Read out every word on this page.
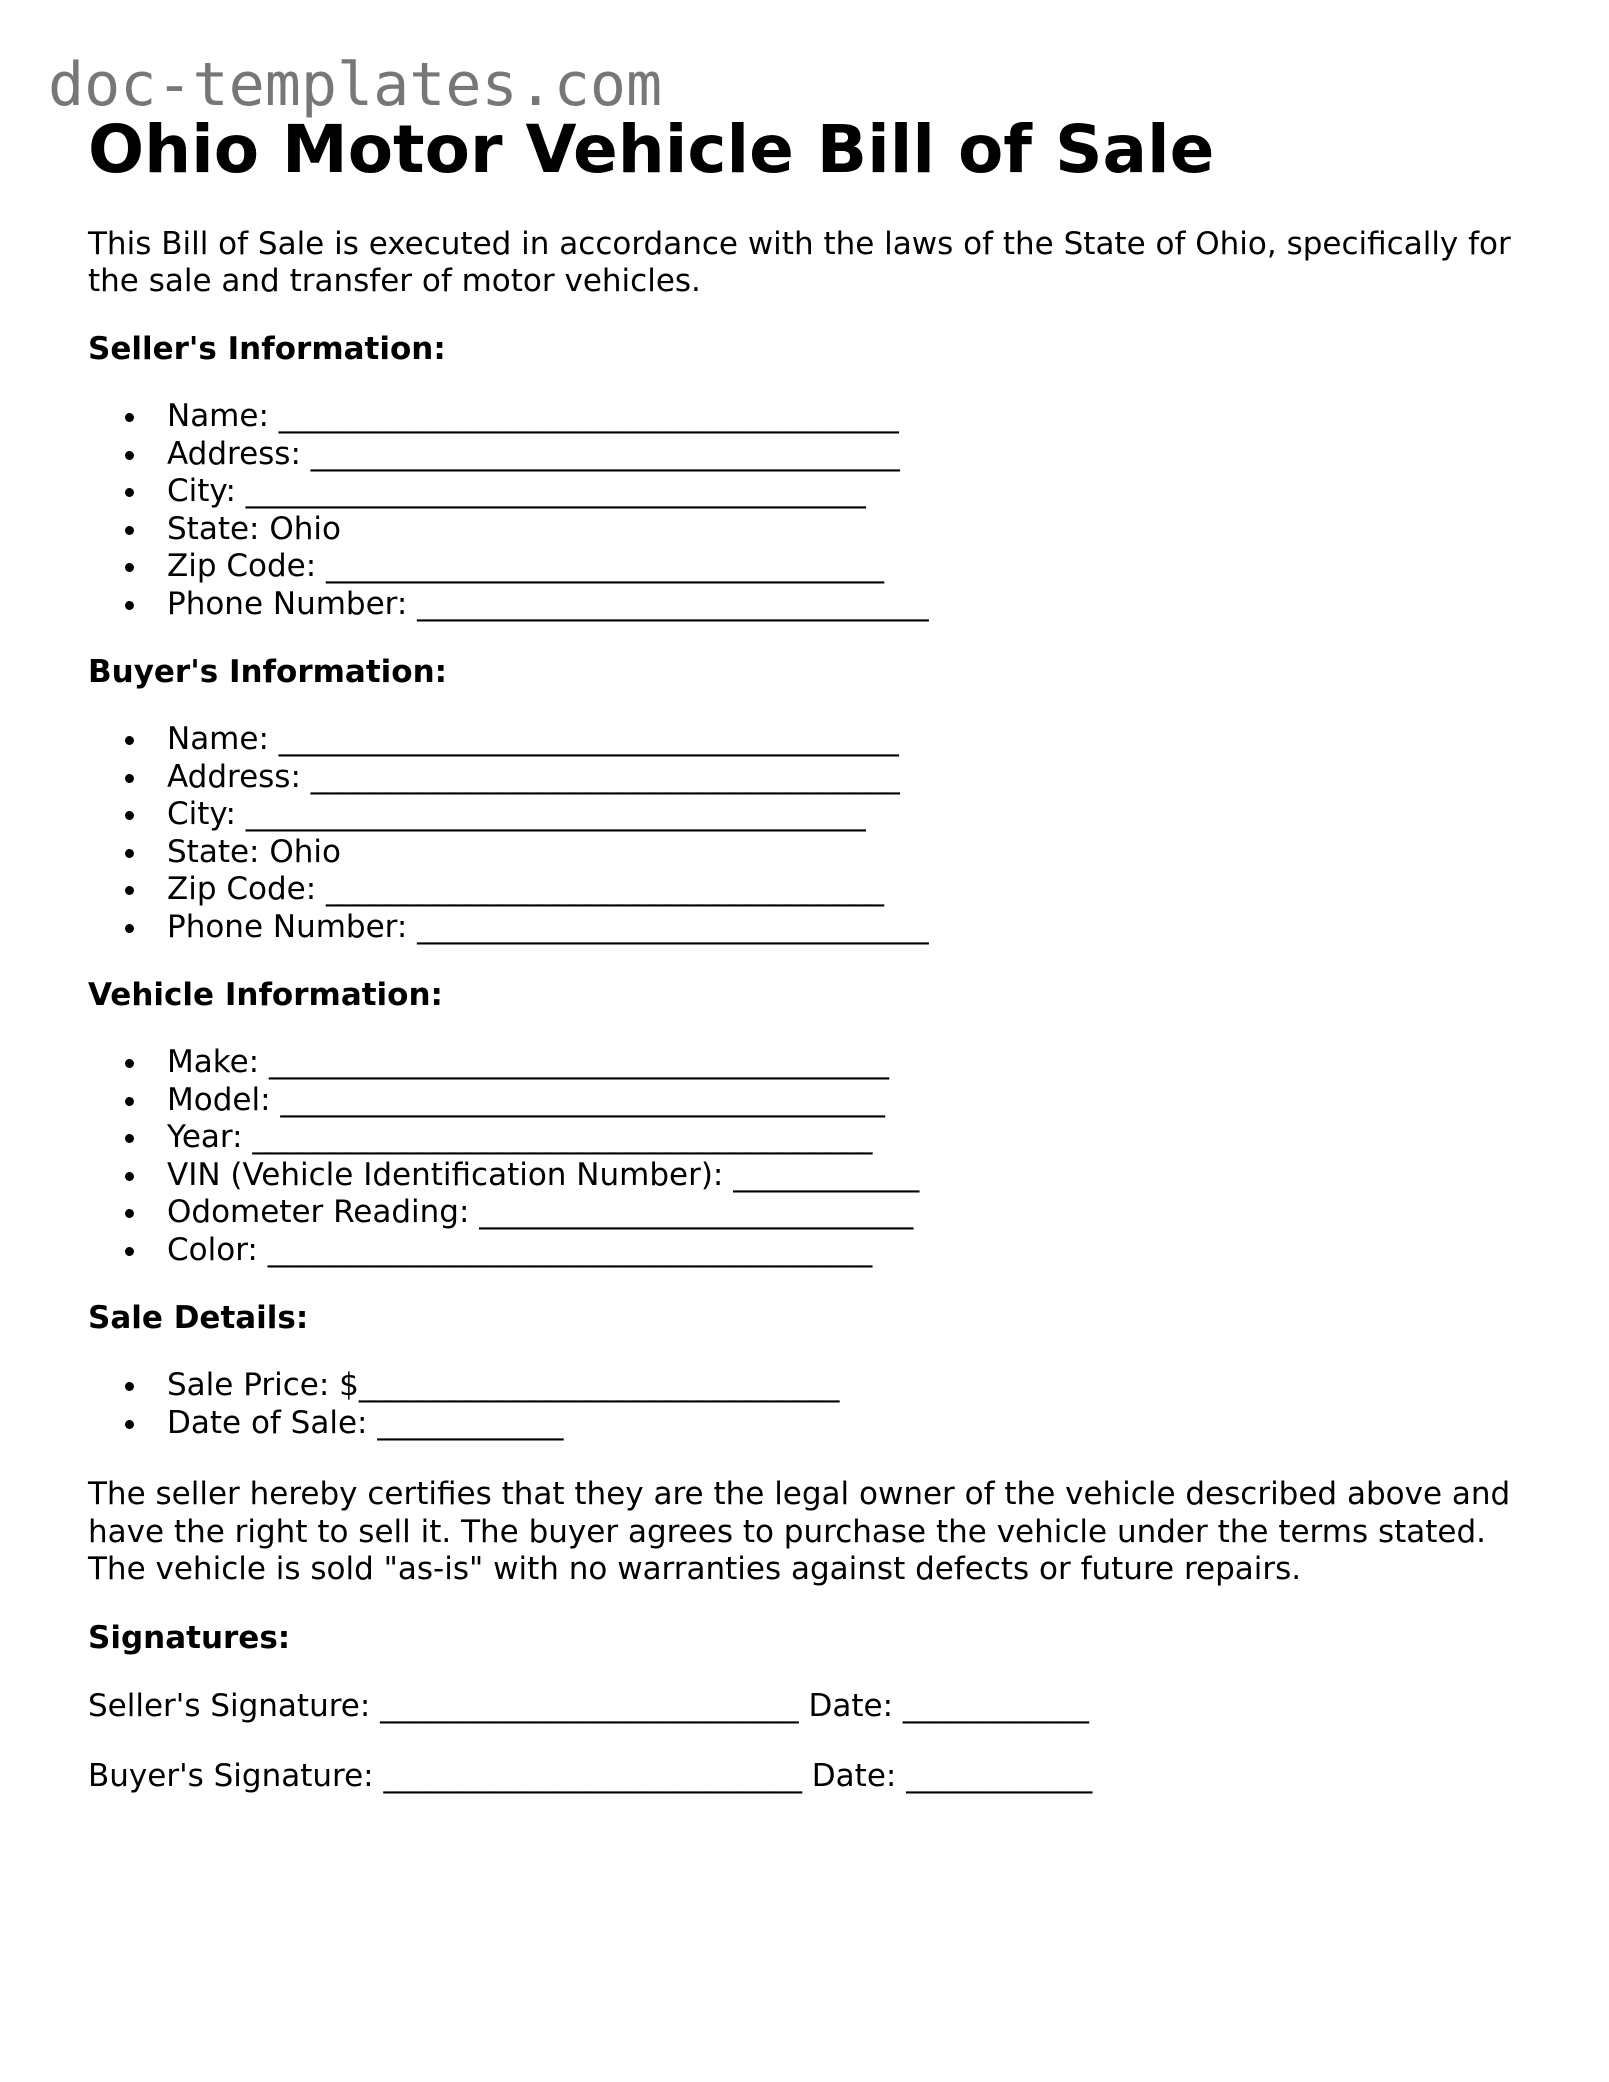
doc-templates.com
Ohio Motor Vehicle Bill of Sale

This Bill of Sale is executed in accordance with the laws of the State of Ohio, specifically for the sale and transfer of motor vehicles.

Seller's Information:
Name: ________________________________________
Address: ______________________________________
City: ________________________________________
State: Ohio
Zip Code: ____________________________________
Phone Number: _________________________________
Buyer's Information:
Name: ________________________________________
Address: ______________________________________
City: ________________________________________
State: Ohio
Zip Code: ____________________________________
Phone Number: _________________________________
Vehicle Information:
Make: ________________________________________
Model: _______________________________________
Year: ________________________________________
VIN (Vehicle Identification Number): ____________
Odometer Reading: ____________________________
Color: _______________________________________
Sale Details:
Sale Price: $_______________________________
Date of Sale: ____________

The seller hereby certifies that they are the legal owner of the vehicle described above and have the right to sell it. The buyer agrees to purchase the vehicle under the terms stated. The vehicle is sold "as-is" with no warranties against defects or future repairs.

Signatures:
Seller's Signature: ___________________________ Date: ____________
Buyer's Signature: ___________________________ Date: ____________
